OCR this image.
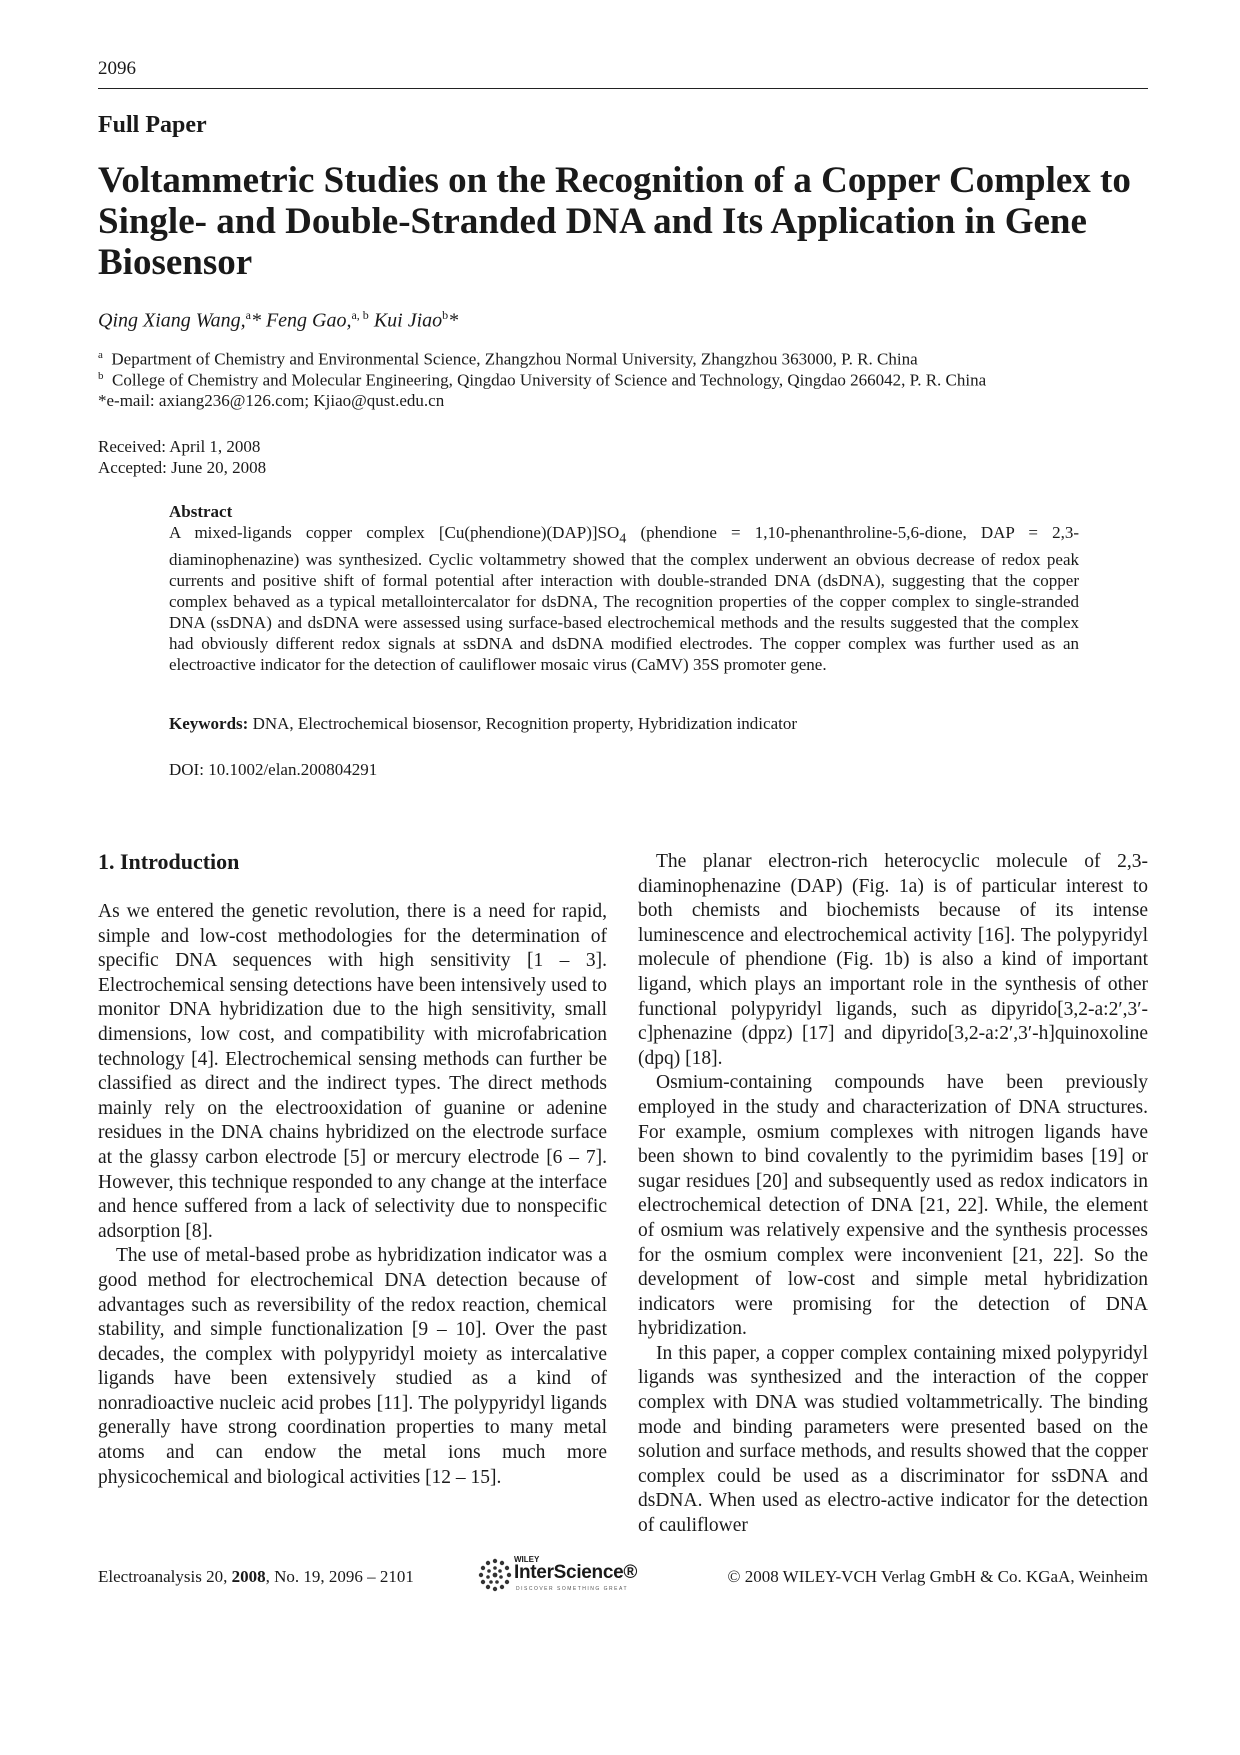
2096
Full Paper
Voltammetric Studies on the Recognition of a Copper Complex to Single- and Double-Stranded DNA and Its Application in Gene Biosensor
Qing Xiang Wang,$^a$* Feng Gao,$^{a, b}$ Kui Jiao$^b$*
$^a$ Department of Chemistry and Environmental Science, Zhangzhou Normal University, Zhangzhou 363000, P. R. China
$^b$ College of Chemistry and Molecular Engineering, Qingdao University of Science and Technology, Qingdao 266042, P. R. China
*e-mail: axiang236@126.com; Kjiao@qust.edu.cn
Received: April 1, 2008
Accepted: June 20, 2008
Abstract
A mixed-ligands copper complex $[Cu(phendione)(DAP)]SO_4$ (phendione = 1,10-phenanthroline-5,6-dione, DAP = 2,3-diaminophenazine) was synthesized. Cyclic voltammetry showed that the complex underwent an obvious decrease of redox peak currents and positive shift of formal potential after interaction with double-stranded DNA (dsDNA), suggesting that the copper complex behaved as a typical metallointercalator for dsDNA, The recognition properties of the copper complex to single-stranded DNA (ssDNA) and dsDNA were assessed using surface-based electrochemical methods and the results suggested that the complex had obviously different redox signals at ssDNA and dsDNA modified electrodes. The copper complex was further used as an electroactive indicator for the detection of cauliflower mosaic virus (CaMV) 35S promoter gene.
Keywords: DNA, Electrochemical biosensor, Recognition property, Hybridization indicator
DOI: 10.1002/elan.200804291
1. Introduction

As we entered the genetic revolution, there is a need for rapid, simple and low-cost methodologies for the determination of specific DNA sequences with high sensitivity [1 – 3]. Electrochemical sensing detections have been intensively used to monitor DNA hybridization due to the high sensitivity, small dimensions, low cost, and compatibility with microfabrication technology [4]. Electrochemical sensing methods can further be classified as direct and the indirect types. The direct methods mainly rely on the electrooxidation of guanine or adenine residues in the DNA chains hybridized on the electrode surface at the glassy carbon electrode [5] or mercury electrode [6 – 7]. However, this technique responded to any change at the interface and hence suffered from a lack of selectivity due to nonspecific adsorption [8].

The use of metal-based probe as hybridization indicator was a good method for electrochemical DNA detection because of advantages such as reversibility of the redox reaction, chemical stability, and simple functionalization [9 – 10]. Over the past decades, the complex with polypyridyl moiety as intercalative ligands have been extensively studied as a kind of nonradioactive nucleic acid probes [11]. The polypyridyl ligands generally have strong coordination properties to many metal atoms and can endow the metal ions much more physicochemical and biological activities [12 – 15].

The planar electron-rich heterocyclic molecule of 2,3-diaminophenazine (DAP) (Fig. 1a) is of particular interest to both chemists and biochemists because of its intense luminescence and electrochemical activity [16]. The polypyridyl molecule of phendione (Fig. 1b) is also a kind of important ligand, which plays an important role in the synthesis of other functional polypyridyl ligands, such as dipyrido[3,2-a:2′,3′-c]phenazine (dppz) [17] and dipyrido[3,2-a:2′,3′-h]quinoxoline (dpq) [18].

Osmium-containing compounds have been previously employed in the study and characterization of DNA structures. For example, osmium complexes with nitrogen ligands have been shown to bind covalently to the pyrimidim bases [19] or sugar residues [20] and subsequently used as redox indicators in electrochemical detection of DNA [21, 22]. While, the element of osmium was relatively expensive and the synthesis processes for the osmium complex were inconvenient [21, 22]. So the development of low-cost and simple metal hybridization indicators were promising for the detection of DNA hybridization.

In this paper, a copper complex containing mixed polypyridyl ligands was synthesized and the interaction of the copper complex with DNA was studied voltammetrically. The binding mode and binding parameters were presented based on the solution and surface methods, and results showed that the copper complex could be used as a discriminator for ssDNA and dsDNA. When used as electro-active indicator for the detection of cauliflower

Electroanalysis 20, 2008, No. 19, 2096 – 2101
WILEY
InterScience®
DISCOVER SOMETHING GREAT
© 2008 WILEY-VCH Verlag GmbH & Co. KGaA, Weinheim
